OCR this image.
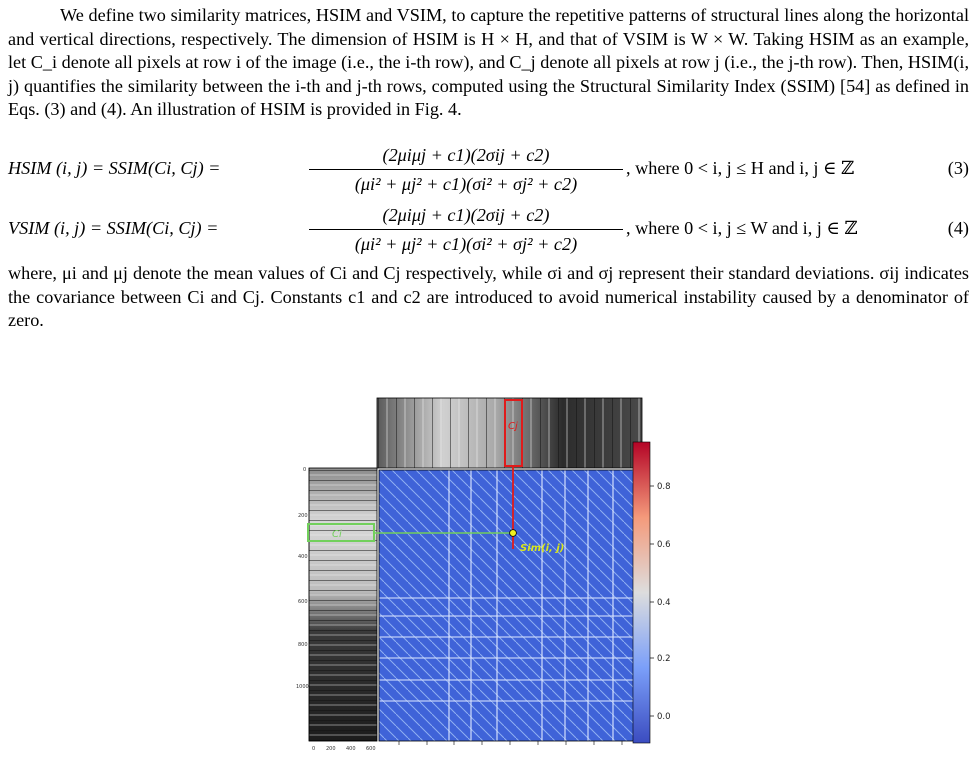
We define two similarity matrices, HSIM and VSIM, to capture the repetitive patterns of structural lines along the horizontal and vertical directions, respectively. The dimension of HSIM is H × H, and that of VSIM is W × W. Taking HSIM as an example, let C_i denote all pixels at row i of the image (i.e., the i-th row), and C_j denote all pixels at row j (i.e., the j-th row). Then, HSIM(i, j) quantifies the similarity between the i-th and j-th rows, computed using the Structural Similarity Index (SSIM) [54] as defined in Eqs. (3) and (4). An illustration of HSIM is provided in Fig. 4.

HSIM (i, j) = SSIM(Ci, Cj) =
(2μiμj + c1)(2σij + c2)
(μi² + μj² + c1)(σi² + σj² + c2)
, where 0 < i, j ≤ H and i, j ∈ ℤ	(3)
VSIM (i, j) = SSIM(Ci, Cj) =
(2μiμj + c1)(2σij + c2)
(μi² + μj² + c1)(σi² + σj² + c2)
, where 0 < i, j ≤ W and i, j ∈ ℤ	(4)

where, μi and μj denote the mean values of Ci and Cj respectively, while σi and σj represent their standard deviations. σij indicates the covariance between Ci and Cj. Constants c1 and c2 are introduced to avoid numerical instability caused by a denominator of zero.

0
200
400
600
800
1000
0 200 400 600
Cj
Ci
Sim(i, j)
0.8
0.6
0.4
0.2
0.0
